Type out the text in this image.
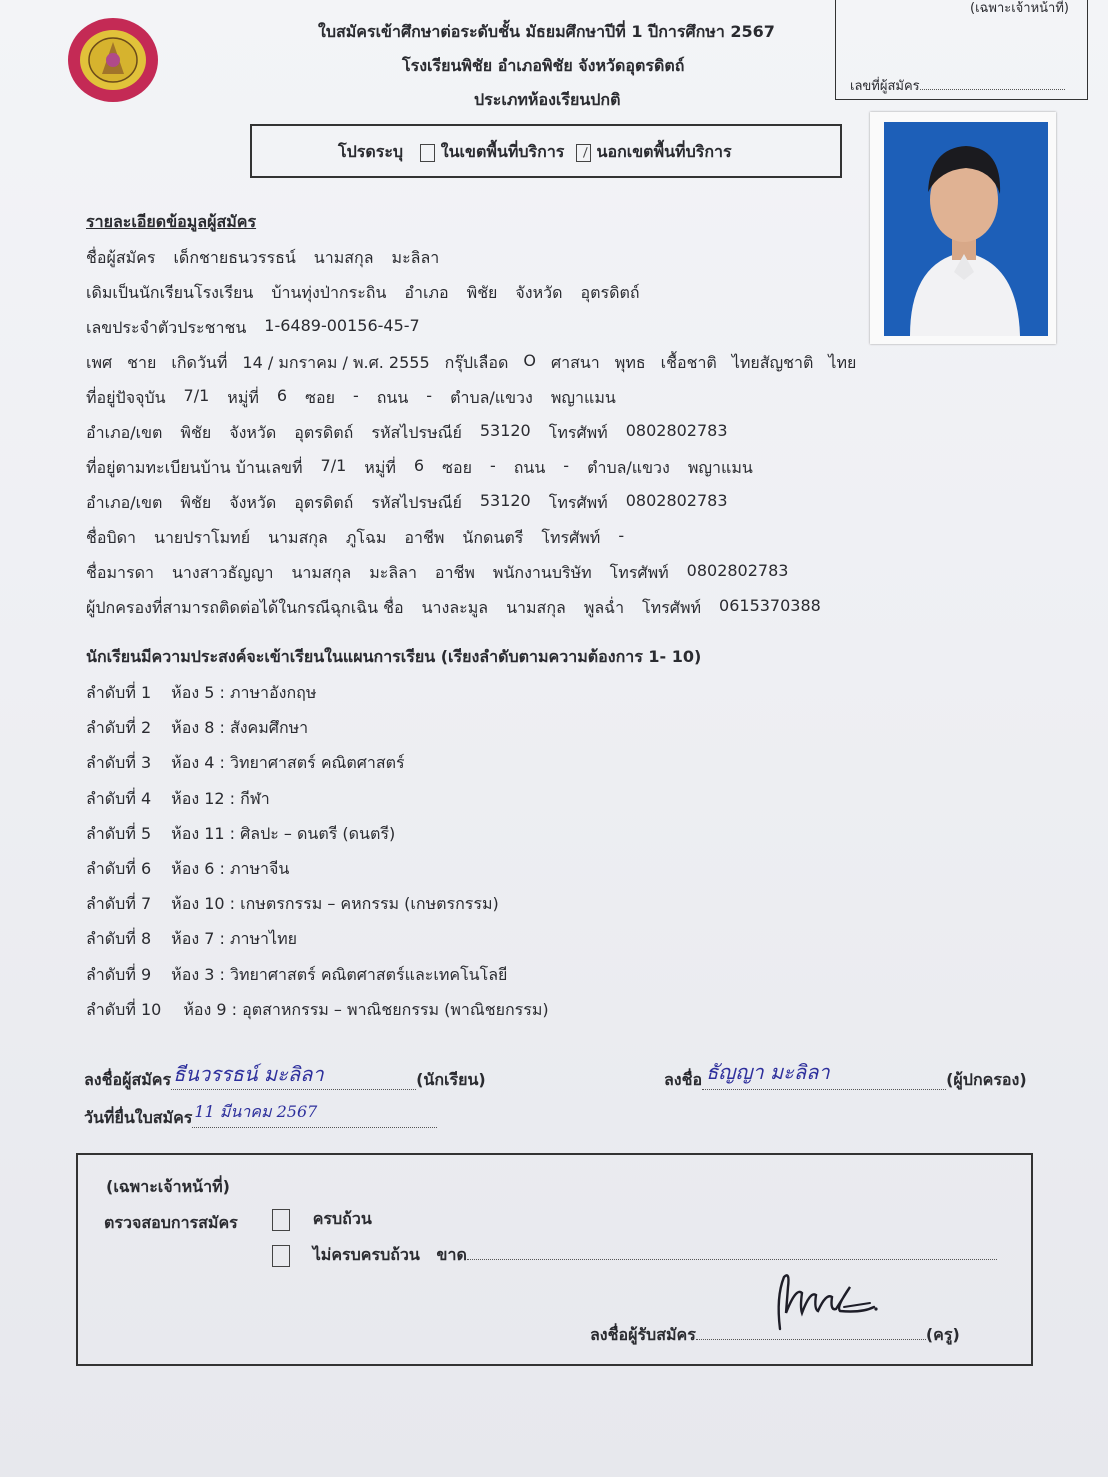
ใบสมัครเข้าศึกษาต่อระดับชั้น มัธยมศึกษาปีที่ 1 ปีการศึกษา 2567
โรงเรียนพิชัย อำเภอพิชัย จังหวัดอุตรดิตถ์
ประเภทห้องเรียนปกติ
(เฉพาะเจ้าหน้าที่)
เลขที่ผู้สมัคร
โปรดระบุ ในเขตพื้นที่บริการ นอกเขตพื้นที่บริการ
รายละเอียดข้อมูลผู้สมัคร
ชื่อผู้สมัคร เด็กชายธนวรรธน์ นามสกุล มะลิลา
เดิมเป็นนักเรียนโรงเรียน บ้านทุ่งป่ากระถิน อำเภอ พิชัย จังหวัด อุตรดิตถ์
เลขประจำตัวประชาชน 1-6489-00156-45-7
เพศ ชาย เกิดวันที่ 14 / มกราคม / พ.ศ. 2555 กรุ๊ปเลือด O ศาสนา พุทธ เชื้อชาติ ไทยสัญชาติ ไทย
ที่อยู่ปัจจุบัน 7/1 หมู่ที่ 6 ซอย - ถนน - ตำบล/แขวง พญาแมน
อำเภอ/เขต พิชัย จังหวัด อุตรดิตถ์ รหัสไปรษณีย์ 53120 โทรศัพท์ 0802802783
ที่อยู่ตามทะเบียนบ้าน บ้านเลขที่ 7/1 หมู่ที่ 6 ซอย - ถนน - ตำบล/แขวง พญาแมน
อำเภอ/เขต พิชัย จังหวัด อุตรดิตถ์ รหัสไปรษณีย์ 53120 โทรศัพท์ 0802802783
ชื่อบิดา นายปราโมทย์ นามสกุล ภูโฉม อาชีพ นักดนตรี โทรศัพท์ -
ชื่อมารดา นางสาวธัญญา นามสกุล มะลิลา อาชีพ พนักงานบริษัท โทรศัพท์ 0802802783
ผู้ปกครองที่สามารถติดต่อได้ในกรณีฉุกเฉิน ชื่อ นางละมูล นามสกุล พูลฉ่ำ โทรศัพท์ 0615370388
นักเรียนมีความประสงค์จะเข้าเรียนในแผนการเรียน (เรียงลำดับตามความต้องการ 1- 10)
ลำดับที่ 1 ห้อง 5 : ภาษาอังกฤษ
ลำดับที่ 2 ห้อง 8 : สังคมศึกษา
ลำดับที่ 3 ห้อง 4 : วิทยาศาสตร์ คณิตศาสตร์
ลำดับที่ 4 ห้อง 12 : กีฬา
ลำดับที่ 5 ห้อง 11 : ศิลปะ – ดนตรี (ดนตรี)
ลำดับที่ 6 ห้อง 6 : ภาษาจีน
ลำดับที่ 7 ห้อง 10 : เกษตรกรรม – คหกรรม (เกษตรกรรม)
ลำดับที่ 8 ห้อง 7 : ภาษาไทย
ลำดับที่ 9 ห้อง 3 : วิทยาศาสตร์ คณิตศาสตร์และเทคโนโลยี
ลำดับที่ 10 ห้อง 9 : อุตสาหกรรม – พาณิชยกรรม (พาณิชยกรรม)
ลงชื่อผู้สมัคร ธีนวรรธน์ มะลิลา	(นักเรียน)	ลงชื่อ ธัญญา มะลิลา	(ผู้ปกครอง)
วันที่ยื่นใบสมัคร 11 มีนาคม 2567

(เฉพาะเจ้าหน้าที่)
ตรวจสอบการสมัคร	ครบถ้วน
ไม่ครบครบถ้วน ขาด
ลงชื่อผู้รับสมัคร	(ครู)
